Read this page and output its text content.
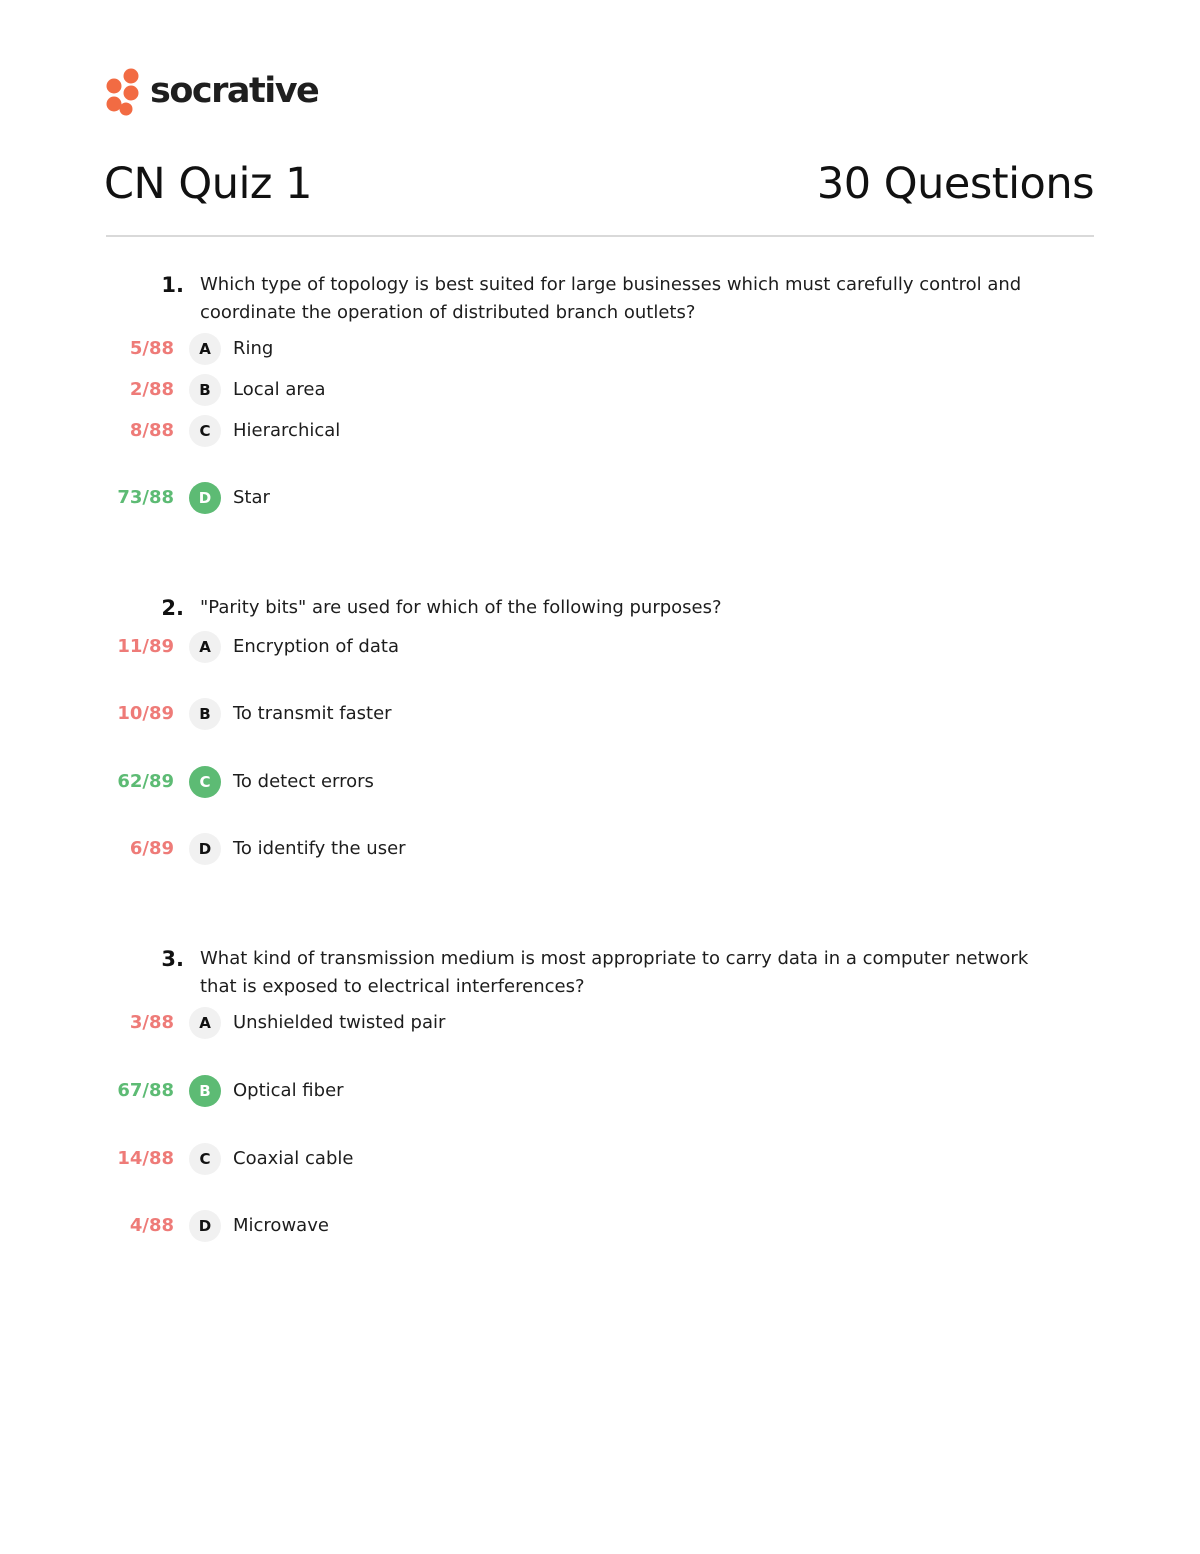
socrative
CN Quiz 1	30 Questions
1. Which type of topology is best suited for large businesses which must carefully control and coordinate the operation of distributed branch outlets?

5/88	A	Ring
2/88	B	Local area
8/88	C	Hierarchical
73/88	D	Star
2. "Parity bits" are used for which of the following purposes?

11/89	A	Encryption of data
10/89	B	To transmit faster
62/89	C	To detect errors
6/89	D	To identify the user
3. What kind of transmission medium is most appropriate to carry data in a computer network that is exposed to electrical interferences?

3/88	A	Unshielded twisted pair
67/88	B	Optical fiber
14/88	C	Coaxial cable
4/88	D	Microwave
